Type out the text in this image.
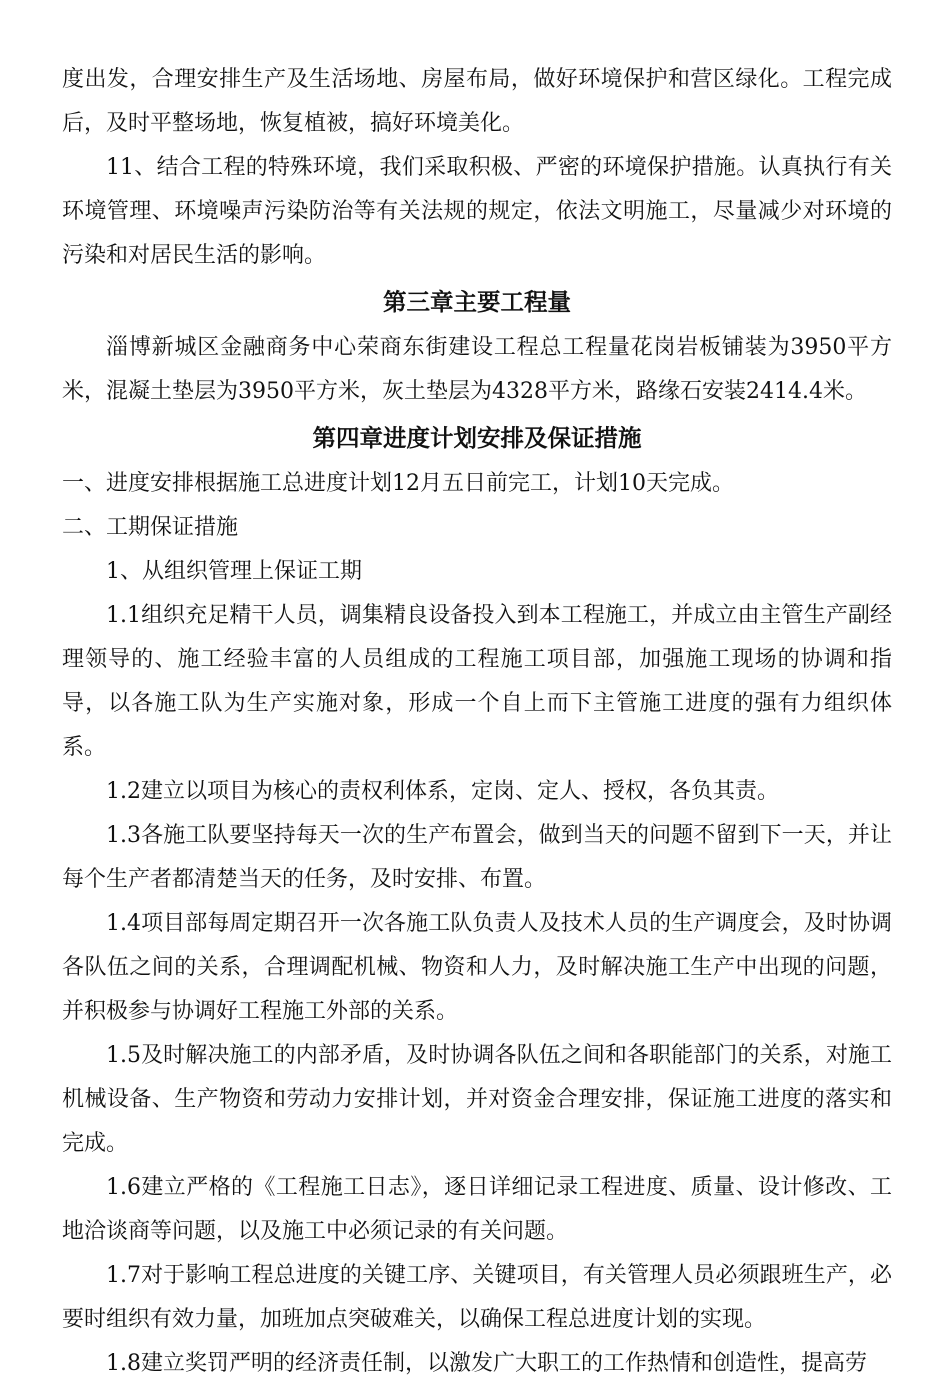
度出发，合理安排生产及生活场地、房屋布局，做好环境保护和营区绿化。工程完成后，及时平整场地，恢复植被，搞好环境美化。

11、结合工程的特殊环境，我们采取积极、严密的环境保护措施。认真执行有关环境管理、环境噪声污染防治等有关法规的规定，依法文明施工，尽量减少对环境的污染和对居民生活的影响。

第三章主要工程量

淄博新城区金融商务中心荣商东街建设工程总工程量花岗岩板铺装为3950平方米，混凝土垫层为3950平方米，灰土垫层为4328平方米，路缘石安装2414.4米。

第四章进度计划安排及保证措施

一、进度安排根据施工总进度计划12月五日前完工，计划10天完成。

二、工期保证措施

1、从组织管理上保证工期

1.1组织充足精干人员，调集精良设备投入到本工程施工，并成立由主管生产副经理领导的、施工经验丰富的人员组成的工程施工项目部，加强施工现场的协调和指导，以各施工队为生产实施对象，形成一个自上而下主管施工进度的强有力组织体系。

1.2建立以项目为核心的责权利体系，定岗、定人、授权，各负其责。

1.3各施工队要坚持每天一次的生产布置会，做到当天的问题不留到下一天，并让每个生产者都清楚当天的任务，及时安排、布置。

1.4项目部每周定期召开一次各施工队负责人及技术人员的生产调度会，及时协调各队伍之间的关系，合理调配机械、物资和人力，及时解决施工生产中出现的问题，并积极参与协调好工程施工外部的关系。

1.5及时解决施工的内部矛盾，及时协调各队伍之间和各职能部门的关系，对施工机械设备、生产物资和劳动力安排计划，并对资金合理安排，保证施工进度的落实和完成。

1.6建立严格的《工程施工日志》，逐日详细记录工程进度、质量、设计修改、工地洽谈商等问题，以及施工中必须记录的有关问题。

1.7对于影响工程总进度的关键工序、关键项目，有关管理人员必须跟班生产，必要时组织有效力量，加班加点突破难关，以确保工程总进度计划的实现。

1.8建立奖罚严明的经济责任制，以激发广大职工的工作热情和创造性，提高劳
